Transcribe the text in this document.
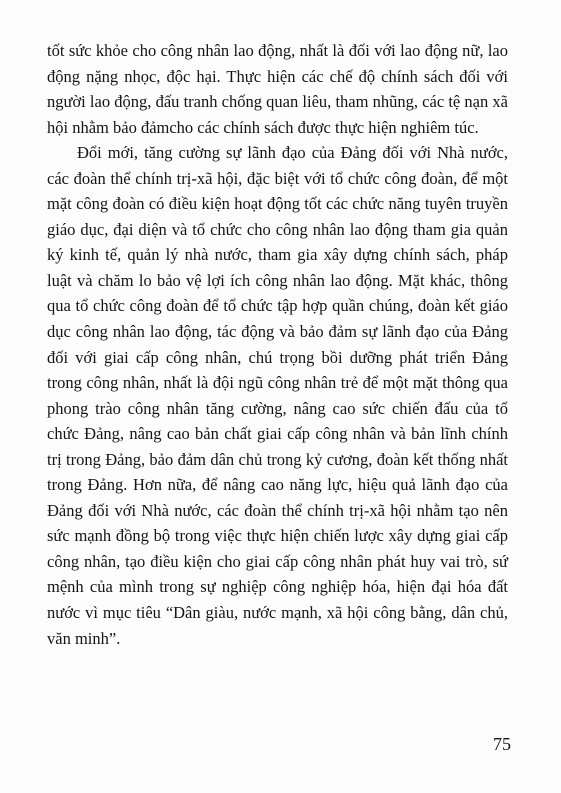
tốt sức khỏe cho công nhân lao động, nhất là đối với lao động nữ, lao động nặng nhọc, độc hại. Thực hiện các chế độ chính sách đối với người lao động, đấu tranh chống quan liêu, tham nhũng, các tệ nạn xã hội nhằm bảo đảmcho các chính sách được thực hiện nghiêm túc.

Đổi mới, tăng cường sự lãnh đạo của Đảng đối với Nhà nước, các đoàn thể chính trị-xã hội, đặc biệt với tổ chức công đoàn, để một mặt công đoàn có điều kiện hoạt động tốt các chức năng tuyên truyền giáo dục, đại diện và tổ chức cho công nhân lao động tham gia quản ký kinh tế, quản lý nhà nước, tham gia xây dựng chính sách, pháp luật và chăm lo bảo vệ lợi ích công nhân lao động. Mặt khác, thông qua tổ chức công đoàn để tổ chức tập hợp quần chúng, đoàn kết giáo dục công nhân lao động, tác động và bảo đảm sự lãnh đạo của Đảng đối với giai cấp công nhân, chú trọng bồi dưỡng phát triển Đảng trong công nhân, nhất là đội ngũ công nhân trẻ để một mặt thông qua phong trào công nhân tăng cường, nâng cao sức chiến đấu của tổ chức Đảng, nâng cao bản chất giai cấp công nhân và bản lĩnh chính trị trong Đảng, bảo đảm dân chủ trong kỷ cương, đoàn kết thống nhất trong Đảng. Hơn nữa, để nâng cao năng lực, hiệu quả lãnh đạo của Đảng đối với Nhà nước, các đoàn thể chính trị-xã hội nhằm tạo nên sức mạnh đồng bộ trong việc thực hiện chiến lược xây dựng giai cấp công nhân, tạo điều kiện cho giai cấp công nhân phát huy vai trò, sứ mệnh của mình trong sự nghiệp công nghiệp hóa, hiện đại hóa đất nước vì mục tiêu “Dân giàu, nước mạnh, xã hội công bằng, dân chủ, văn minh”.

75
